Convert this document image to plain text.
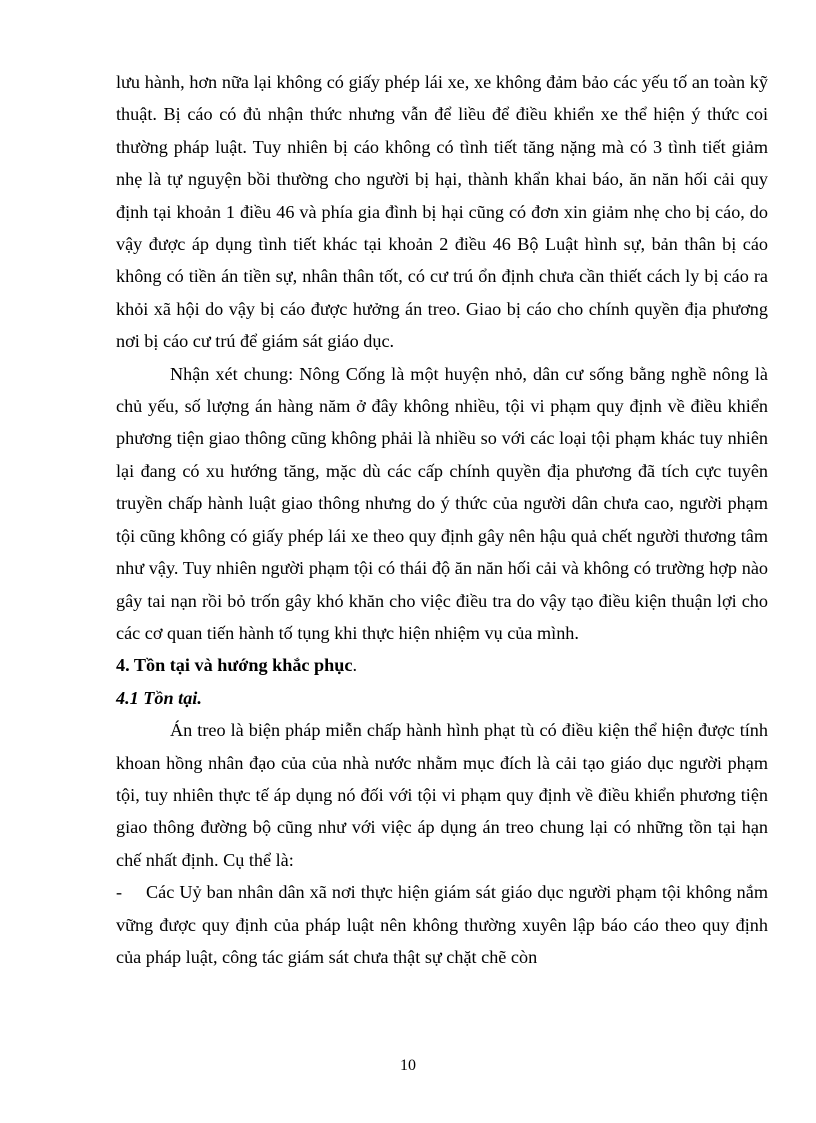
lưu hành, hơn nữa lại không có giấy phép lái xe, xe không đảm bảo các yếu tố an toàn kỹ thuật. Bị cáo có đủ nhận thức nhưng vẫn để liều để điều khiển xe thể hiện ý thức coi thường pháp luật. Tuy nhiên bị cáo không có tình tiết tăng nặng mà có 3 tình tiết giảm nhẹ là tự nguyện bồi thường cho người bị hại, thành khẩn khai báo, ăn năn hối cải quy định tại khoản 1 điều 46 và phía gia đình bị hại cũng có đơn xin giảm nhẹ cho bị cáo, do vậy được áp dụng tình tiết khác tại khoản 2 điều 46 Bộ Luật hình sự, bản thân bị cáo không có tiền án tiền sự, nhân thân tốt, có cư trú ổn định chưa cần thiết cách ly bị cáo ra khỏi xã hội do vậy bị cáo được hưởng án treo. Giao bị cáo cho chính quyền địa phương nơi bị cáo cư trú để giám sát giáo dục.

Nhận xét chung: Nông Cống là một huyện nhỏ, dân cư sống bằng nghề nông là chủ yếu, số lượng án hàng năm ở đây không nhiều, tội vi phạm quy định về điều khiển phương tiện giao thông cũng không phải là nhiều so với các loại tội phạm khác tuy nhiên lại đang có xu hướng tăng, mặc dù các cấp chính quyền địa phương đã tích cực tuyên truyền chấp hành luật giao thông nhưng do ý thức của người dân chưa cao, người phạm tội cũng không có giấy phép lái xe theo quy định gây nên hậu quả chết người thương tâm như vậy. Tuy nhiên người phạm tội có thái độ ăn năn hối cải và không có trường hợp nào gây tai nạn rồi bỏ trốn gây khó khăn cho việc điều tra do vậy tạo điều kiện thuận lợi cho các cơ quan tiến hành tố tụng khi thực hiện nhiệm vụ của mình.

4. Tồn tại và hướng khắc phục.

4.1 Tồn tại.

Án treo là biện pháp miễn chấp hành hình phạt tù có điều kiện thể hiện được tính khoan hồng nhân đạo của của nhà nước nhằm mục đích là cải tạo giáo dục người phạm tội, tuy nhiên thực tế áp dụng nó đối với tội vi phạm quy định về điều khiển phương tiện giao thông đường bộ cũng như với việc áp dụng án treo chung lại có những tồn tại hạn chế nhất định. Cụ thể là:

- Các Uỷ ban nhân dân xã nơi thực hiện giám sát giáo dục người phạm tội không nắm vững được quy định của pháp luật nên không thường xuyên lập báo cáo theo quy định của pháp luật, công tác giám sát chưa thật sự chặt chẽ còn

10
